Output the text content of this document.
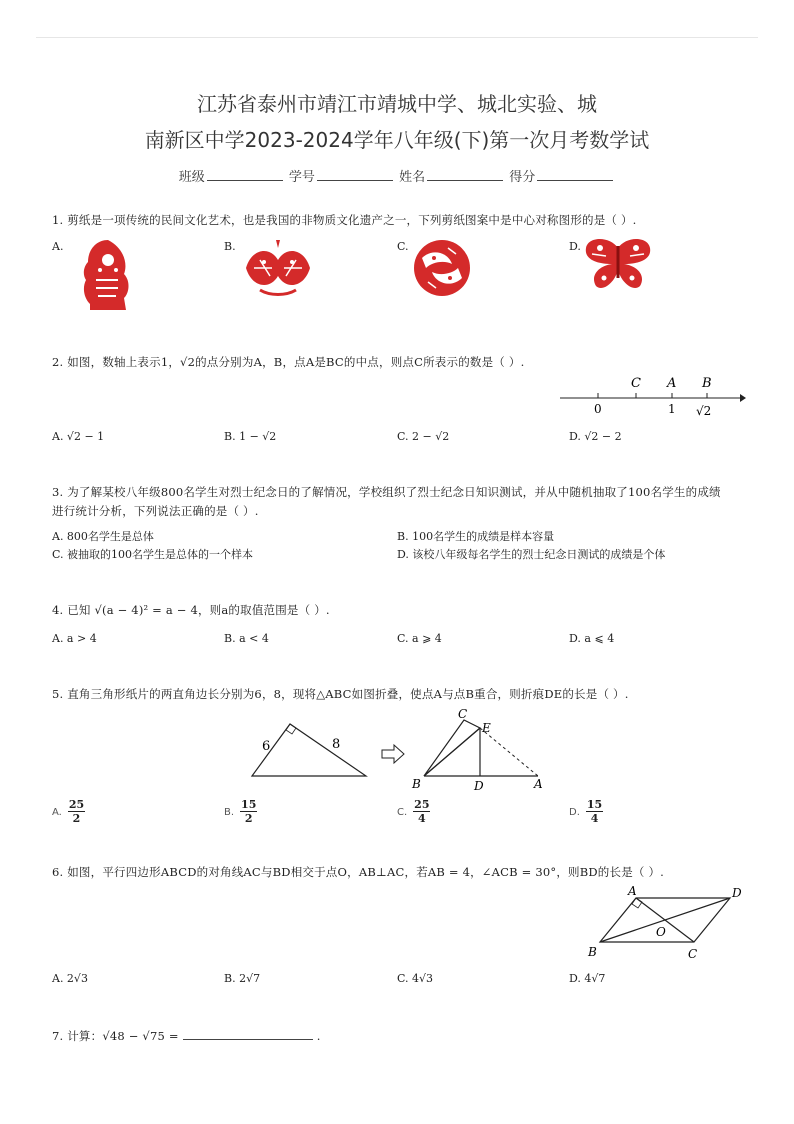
江苏省泰州市靖江市靖城中学、城北实验、城
南新区中学2023-2024学年八年级(下)第一次月考数学试
班级	学号	姓名	得分
1. 剪纸是一项传统的民间文化艺术，也是我国的非物质文化遗产之一，下列剪纸图案中是中心对称图形的是（ ）.
A.	B.	C.	D.
2. 如图，数轴上表示1，√2的点分别为A，B，点A是BC的中点，则点C所表示的数是（ ）.
C A B
0	1 √2
A. √2 − 1	B. 1 − √2	C. 2 − √2	D. √2 − 2
3. 为了解某校八年级800名学生对烈士纪念日的了解情况，学校组织了烈士纪念日知识测试，并从中随机抽取了100名学生的成绩
进行统计分析，下列说法正确的是（ ）.
A. 800名学生是总体	B. 100名学生的成绩是样本容量
C. 被抽取的100名学生是总体的一个样本	D. 该校八年级每名学生的烈士纪念日测试的成绩是个体
4. 已知 √(a − 4)² = a − 4，则a的取值范围是（ ）.
A. a > 4	B. a < 4	C. a ⩾ 4	D. a ⩽ 4
5. 直角三角形纸片的两直角边长分别为6，8，现将△ABC如图折叠，使点A与点B重合，则折痕DE的长是（ ）.
6	8
C
E
B	D	A
A. $\frac{25}{2}$	B. $\frac{15}{2}$	C. $\frac{25}{4}$	D. $\frac{15}{4}$
6. 如图，平行四边形ABCD的对角线AC与BD相交于点O，AB⊥AC，若AB = 4，∠ACB = 30°，则BD的长是（ ）.
A	D
O
B	C
A. 2√3	B. 2√7	C. 4√3	D. 4√7
7. 计算：√48 − √75 =	.
